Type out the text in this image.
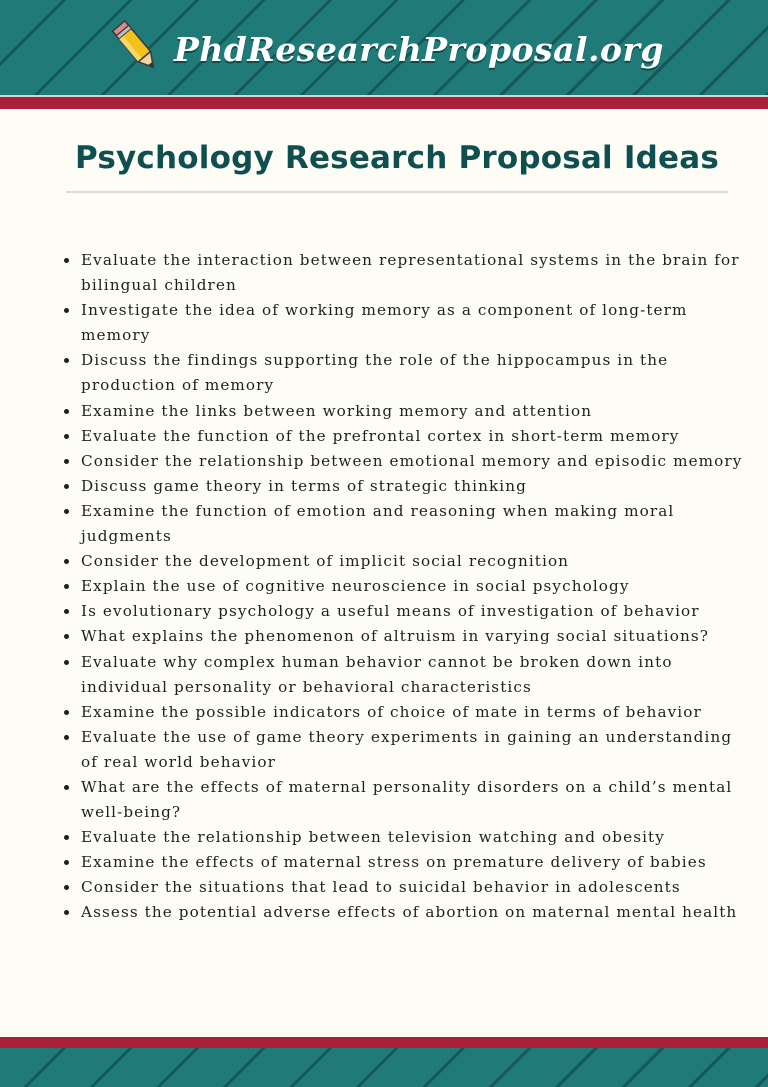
PhdResearchProposal.org
Psychology Research Proposal Ideas
• Evaluate the interaction between representational systems in the brain for bilingual children
• Investigate the idea of working memory as a component of long-term memory
• Discuss the findings supporting the role of the hippocampus in the production of memory
• Examine the links between working memory and attention
• Evaluate the function of the prefrontal cortex in short-term memory
• Consider the relationship between emotional memory and episodic memory
• Discuss game theory in terms of strategic thinking
• Examine the function of emotion and reasoning when making moral judgments
• Consider the development of implicit social recognition
• Explain the use of cognitive neuroscience in social psychology
• Is evolutionary psychology a useful means of investigation of behavior
• What explains the phenomenon of altruism in varying social situations?
• Evaluate why complex human behavior cannot be broken down into individual personality or behavioral characteristics
• Examine the possible indicators of choice of mate in terms of behavior
• Evaluate the use of game theory experiments in gaining an understanding of real world behavior
• What are the effects of maternal personality disorders on a child’s mental well-being?
• Evaluate the relationship between television watching and obesity
• Examine the effects of maternal stress on premature delivery of babies
• Consider the situations that lead to suicidal behavior in adolescents
• Assess the potential adverse effects of abortion on maternal mental health
